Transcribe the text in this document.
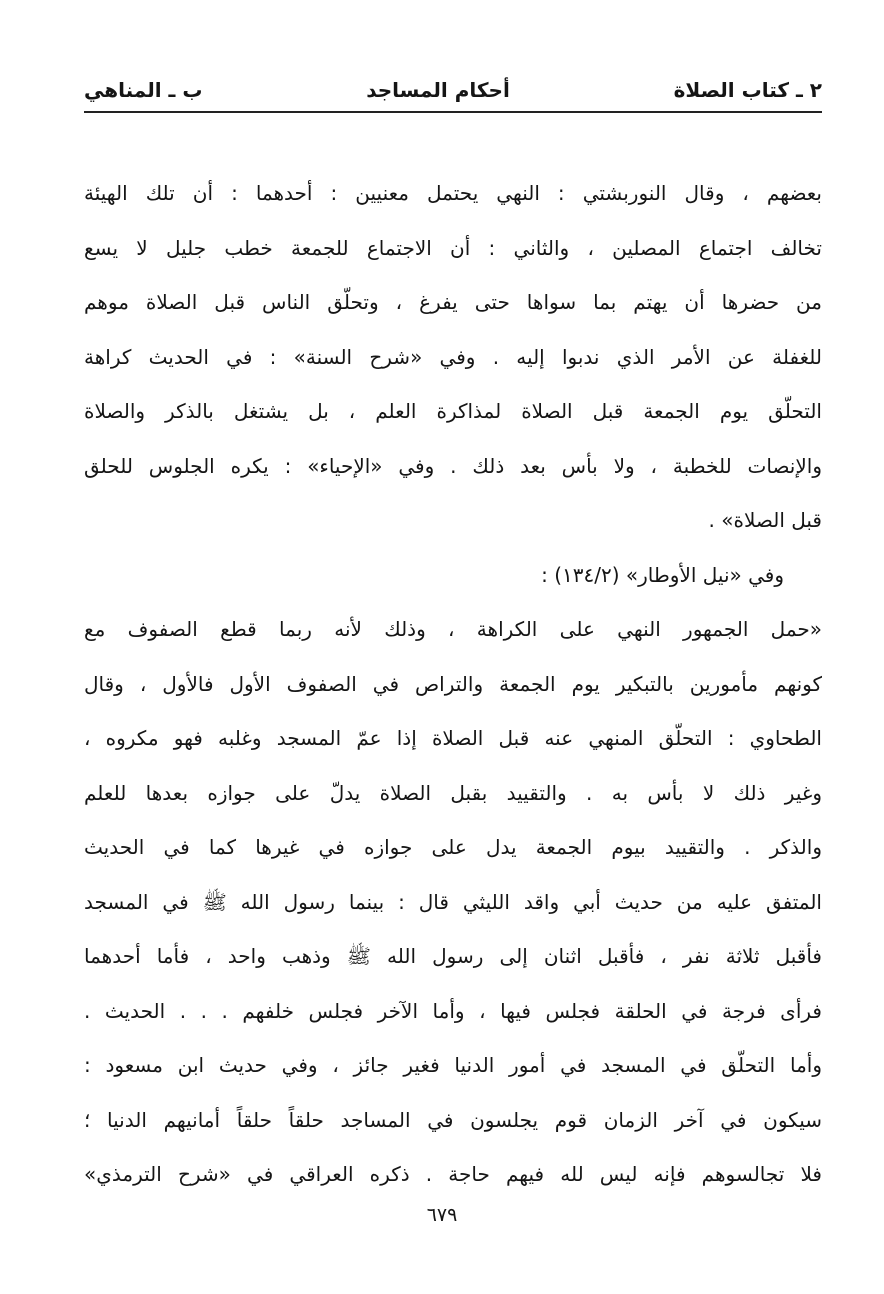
٢ ـ كتاب الصلاة
أحكام المساجد
ب ـ المناهي
بعضهم ، وقال النوربشتي : النهي يحتمل معنيين : أحدهما : أن تلك الهيئة
تخالف اجتماع المصلين ، والثاني : أن الاجتماع للجمعة خطب جليل لا يسع
من حضرها أن يهتم بما سواها حتى يفرغ ، وتحلّق الناس قبل الصلاة موهم
للغفلة عن الأمر الذي ندبوا إليه . وفي «شرح السنة» : في الحديث كراهة
التحلّق يوم الجمعة قبل الصلاة لمذاكرة العلم ، بل يشتغل بالذكر والصلاة
والإنصات للخطبة ، ولا بأس بعد ذلك . وفي «الإحياء» : يكره الجلوس للحلق
قبل الصلاة» .
وفي «نيل الأوطار» (١٣٤/٢) :
«حمل الجمهور النهي على الكراهة ، وذلك لأنه ربما قطع الصفوف مع
كونهم مأمورين بالتبكير يوم الجمعة والتراص في الصفوف الأول فالأول ، وقال
الطحاوي : التحلّق المنهي عنه قبل الصلاة إذا عمّ المسجد وغلبه فهو مكروه ،
وغير ذلك لا بأس به . والتقييد بقبل الصلاة يدلّ على جوازه بعدها للعلم
والذكر . والتقييد بيوم الجمعة يدل على جوازه في غيرها كما في الحديث
المتفق عليه من حديث أبي واقد الليثي قال : بينما رسول الله ﷺ في المسجد
فأقبل ثلاثة نفر ، فأقبل اثنان إلى رسول الله ﷺ وذهب واحد ، فأما أحدهما
فرأى فرجة في الحلقة فجلس فيها ، وأما الآخر فجلس خلفهم . . . الحديث .
وأما التحلّق في المسجد في أمور الدنيا فغير جائز ، وفي حديث ابن مسعود :
سيكون في آخر الزمان قوم يجلسون في المساجد حلقاً حلقاً أمانيهم الدنيا ؛
فلا تجالسوهم فإنه ليس لله فيهم حاجة . ذكره العراقي في «شرح الترمذي»
٦٧٩
